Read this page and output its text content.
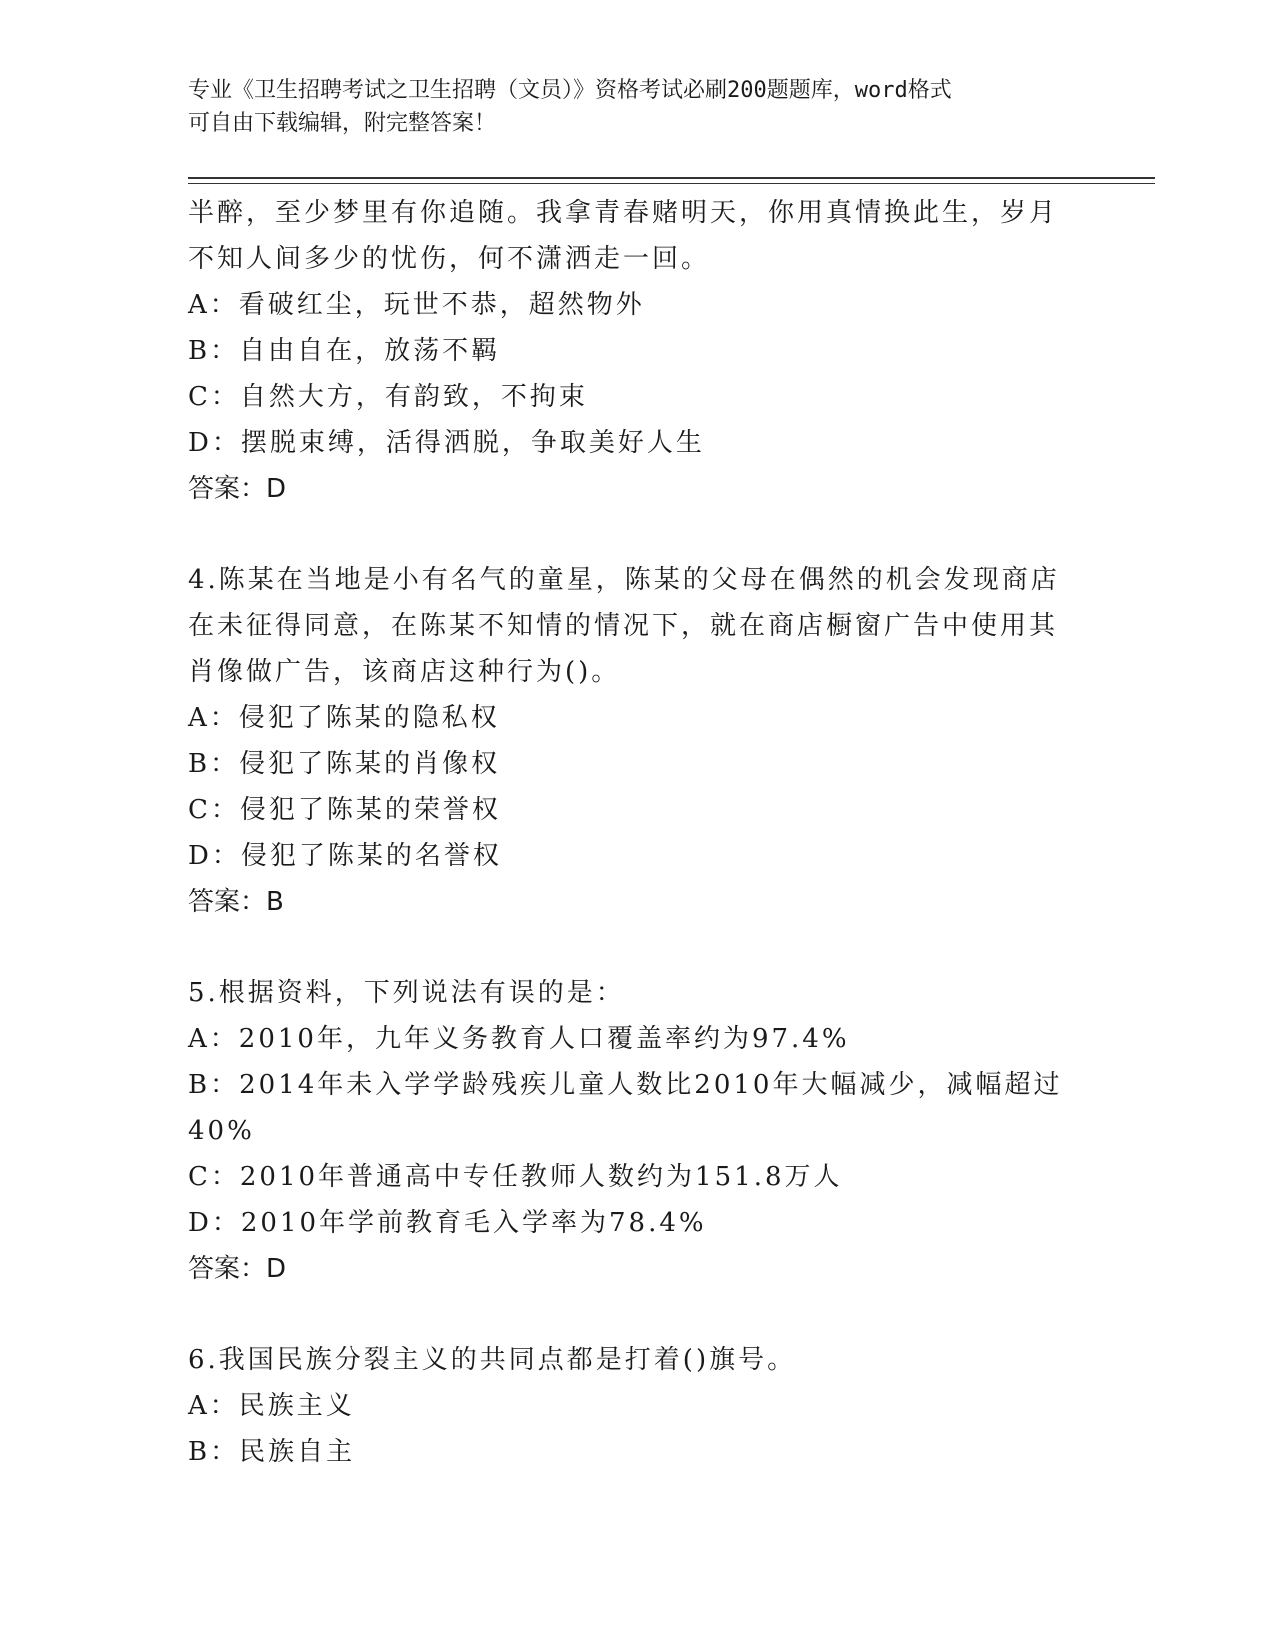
专业《卫生招聘考试之卫生招聘（文员）》资格考试必刷200题题库，word格式
可自由下载编辑，附完整答案！
半醉，至少梦里有你追随。我拿青春赌明天，你用真情换此生，岁月
不知人间多少的忧伤，何不潇洒走一回。
A：看破红尘，玩世不恭，超然物外
B：自由自在，放荡不羁
C：自然大方，有韵致，不拘束
D：摆脱束缚，活得洒脱，争取美好人生
答案：D
4.陈某在当地是小有名气的童星，陈某的父母在偶然的机会发现商店
在未征得同意，在陈某不知情的情况下，就在商店橱窗广告中使用其
肖像做广告，该商店这种行为()。
A：侵犯了陈某的隐私权
B：侵犯了陈某的肖像权
C：侵犯了陈某的荣誉权
D：侵犯了陈某的名誉权
答案：B
5.根据资料，下列说法有误的是：
A：2010年，九年义务教育人口覆盖率约为97.4%
B：2014年未入学学龄残疾儿童人数比2010年大幅减少，减幅超过
40%
C：2010年普通高中专任教师人数约为151.8万人
D：2010年学前教育毛入学率为78.4%
答案：D
6.我国民族分裂主义的共同点都是打着()旗号。
A：民族主义
B：民族自主
